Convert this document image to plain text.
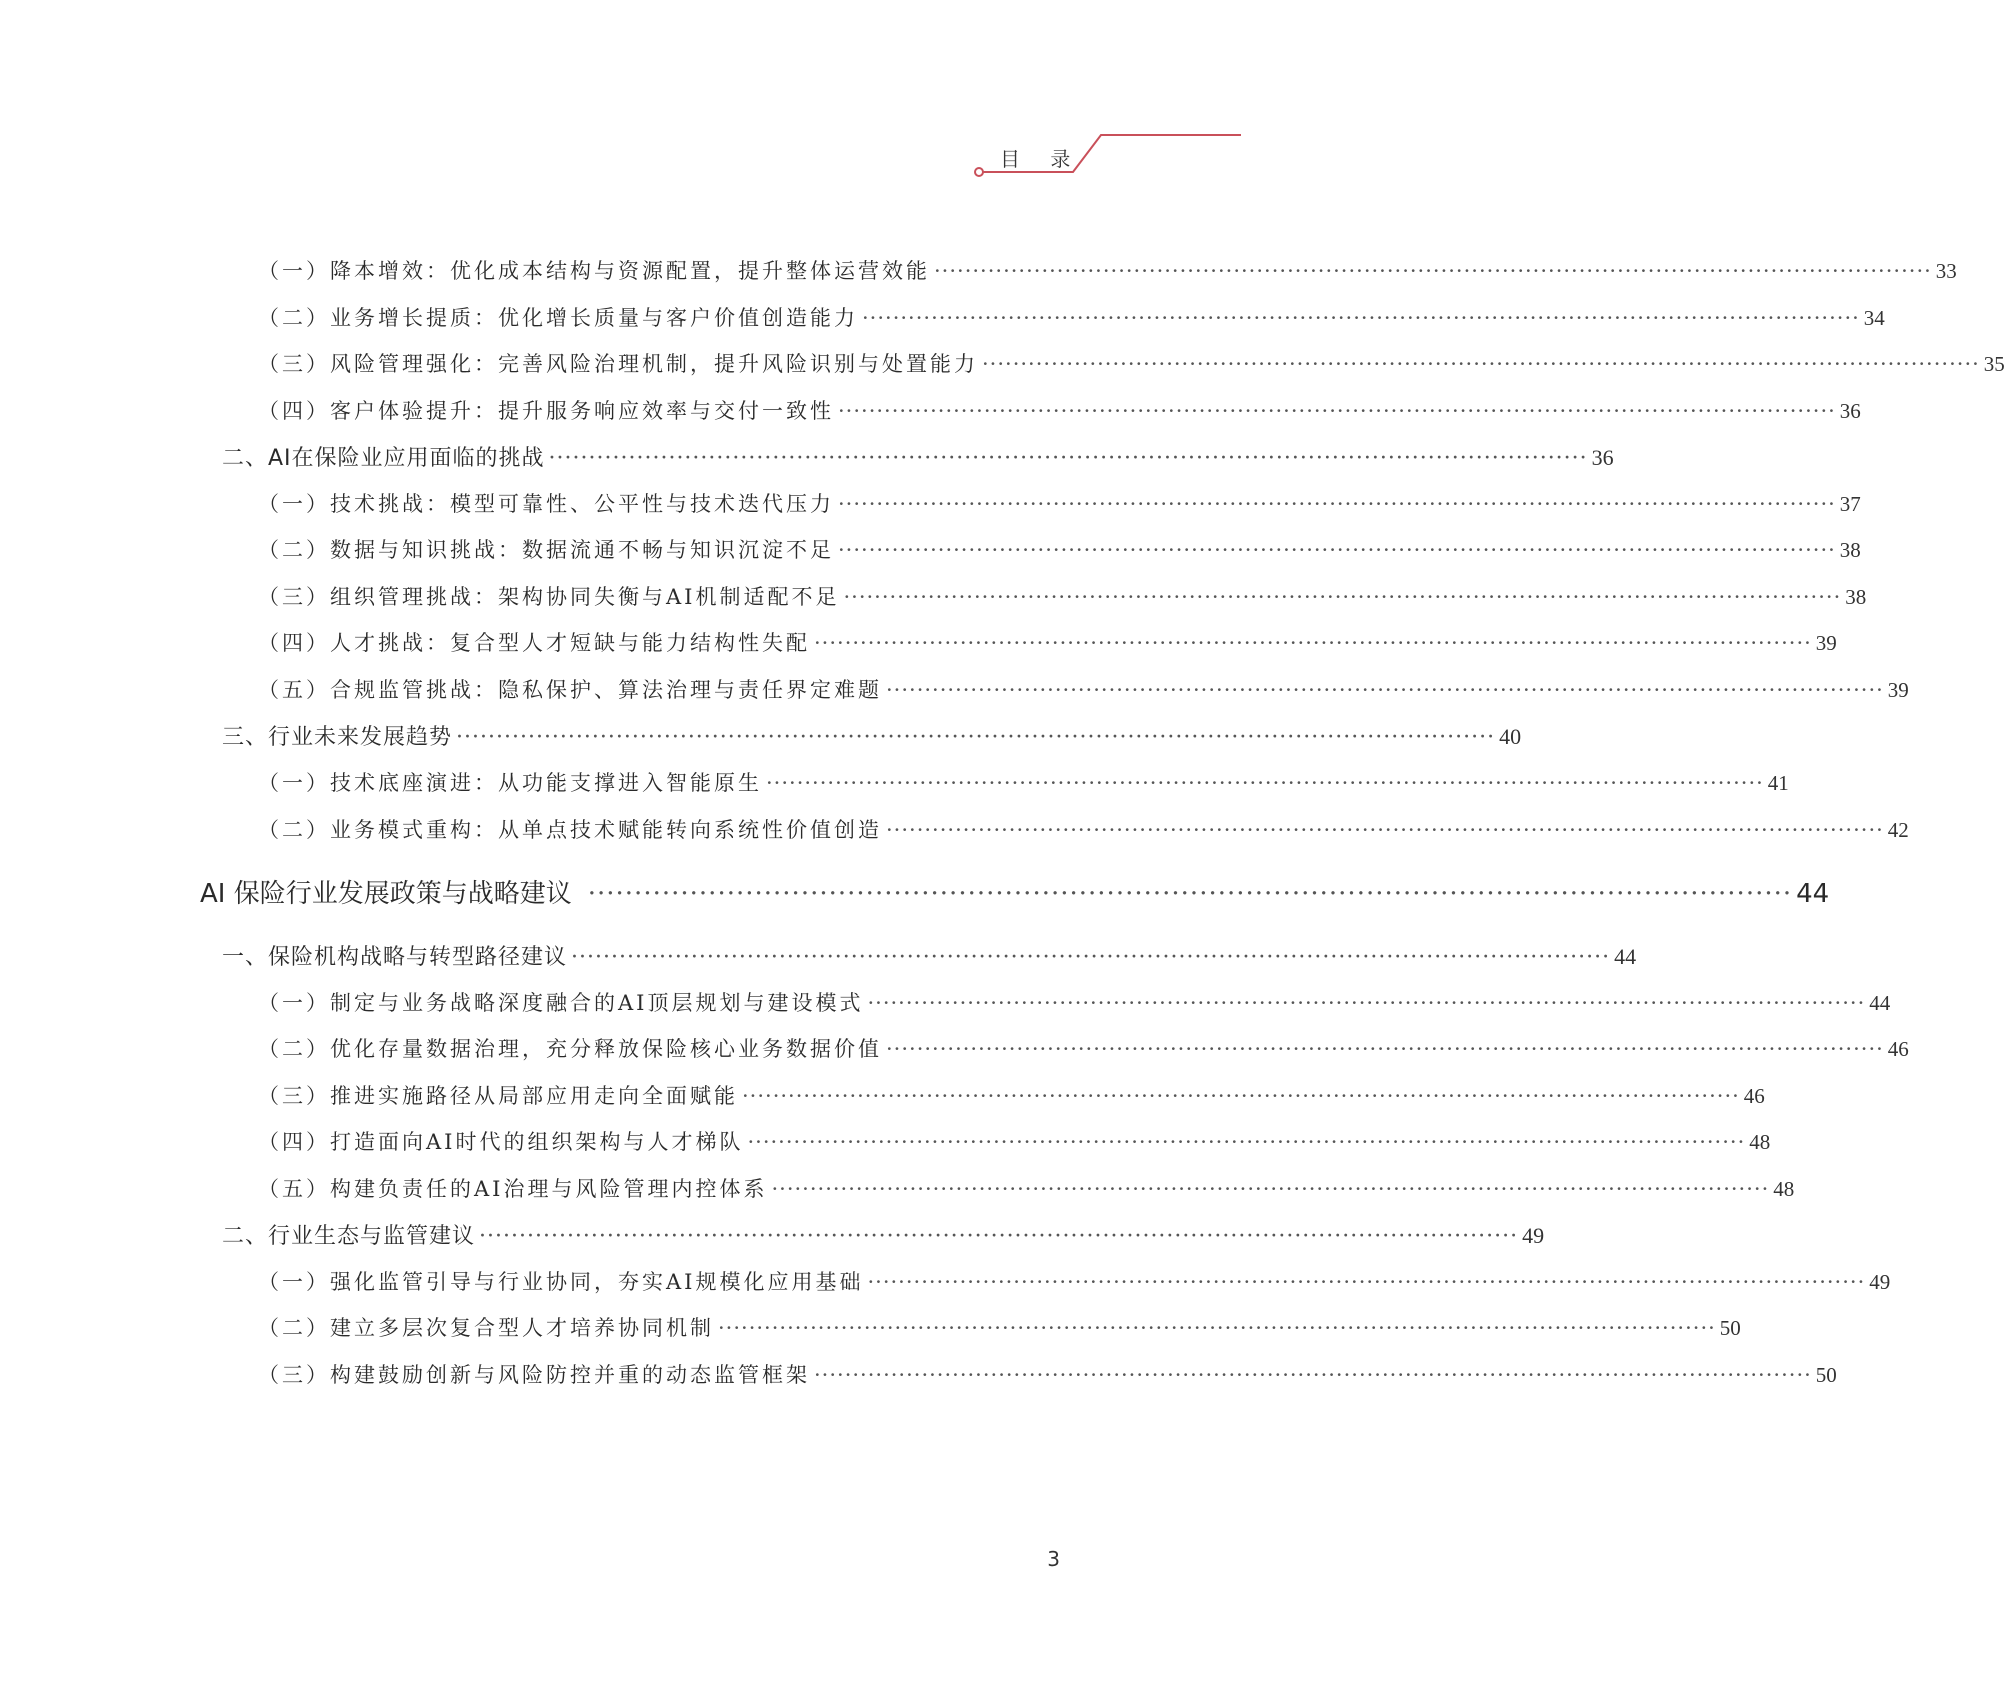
目 录
（一）降本增效：优化成本结构与资源配置，提升整体运营效能 ·································································································································· 33
（二）业务增长提质：优化增长质量与客户价值创造能力 ·································································································································· 34
（三）风险管理强化：完善风险治理机制，提升风险识别与处置能力 ·································································································································· 35
（四）客户体验提升：提升服务响应效率与交付一致性 ·································································································································· 36
二、AI在保险业应用面临的挑战 ·································································································································· 36
（一）技术挑战：模型可靠性、公平性与技术迭代压力 ·································································································································· 37
（二）数据与知识挑战：数据流通不畅与知识沉淀不足 ·································································································································· 38
（三）组织管理挑战：架构协同失衡与AI机制适配不足 ·································································································································· 38
（四）人才挑战：复合型人才短缺与能力结构性失配 ·································································································································· 39
（五）合规监管挑战：隐私保护、算法治理与责任界定难题 ·································································································································· 39
三、行业未来发展趋势 ·································································································································· 40
（一）技术底座演进：从功能支撑进入智能原生 ·································································································································· 41
（二）业务模式重构：从单点技术赋能转向系统性价值创造 ·································································································································· 42
AI 保险行业发展政策与战略建议 ·································································································································· 44
一、保险机构战略与转型路径建议 ·································································································································· 44
（一）制定与业务战略深度融合的AI顶层规划与建设模式 ·································································································································· 44
（二）优化存量数据治理，充分释放保险核心业务数据价值 ·································································································································· 46
（三）推进实施路径从局部应用走向全面赋能 ·································································································································· 46
（四）打造面向AI时代的组织架构与人才梯队 ·································································································································· 48
（五）构建负责任的AI治理与风险管理内控体系 ·································································································································· 48
二、行业生态与监管建议 ·································································································································· 49
（一）强化监管引导与行业协同，夯实AI规模化应用基础 ·································································································································· 49
（二）建立多层次复合型人才培养协同机制 ·································································································································· 50
（三）构建鼓励创新与风险防控并重的动态监管框架 ·································································································································· 50
3
